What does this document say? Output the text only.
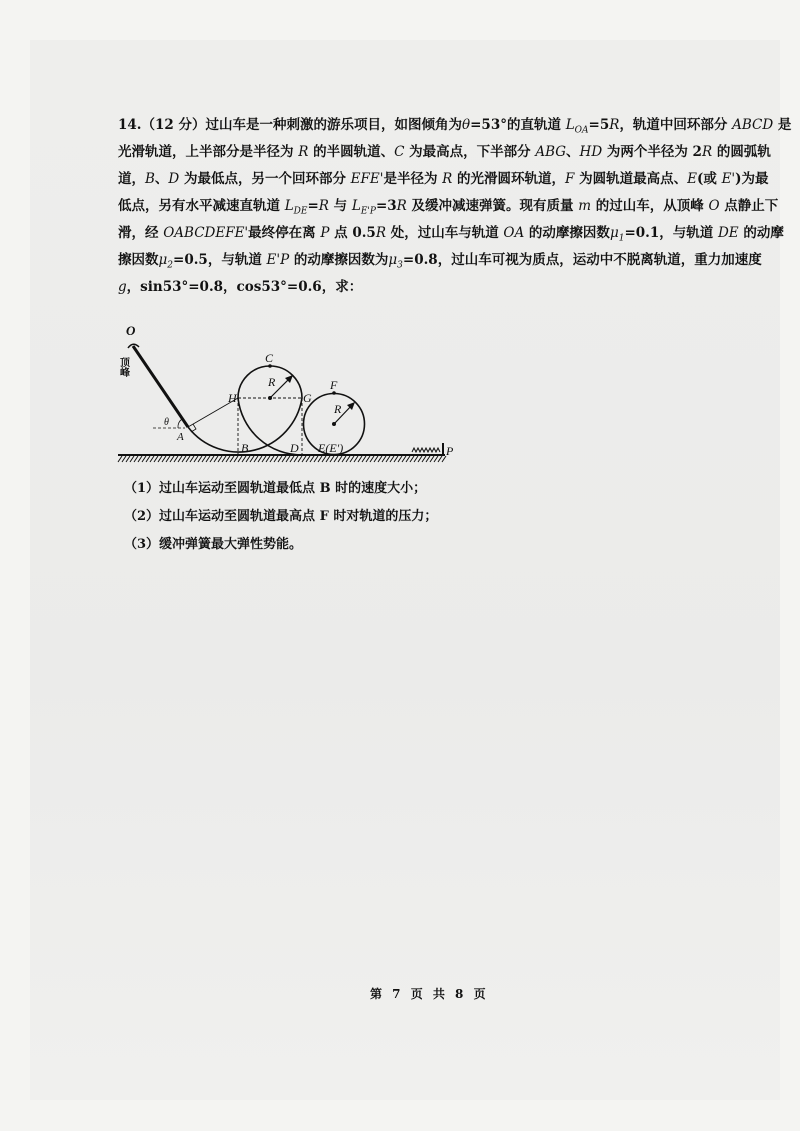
14.（12 分）过山车是一种刺激的游乐项目，如图倾角为θ=53°的直轨道 $L_{OA}=5R$，轨道中回环部分 ABCD 是
光滑轨道，上半部分是半径为 R 的半圆轨道、C 为最高点，下半部分 ABG、HD 为两个半径为 2R 的圆弧轨
道，B、D 为最低点，另一个回环部分 EFE'是半径为 R 的光滑圆环轨道，F 为圆轨道最高点、E(或 E')为最
低点，另有水平减速直轨道 $L_{DE}=R$ 与 $L_{E'P}=3R$ 及缓冲减速弹簧。现有质量 m 的过山车，从顶峰 O 点静止下
滑，经 OABCDEFE'最终停在离 P 点 0.5R 处，过山车与轨道 OA 的动摩擦因数$\mu_1=0.1$，与轨道 DE 的动摩
擦因数$\mu_2=0.5$，与轨道 E'P 的动摩擦因数为$\mu_3=0.8$，过山车可视为质点，运动中不脱离轨道，重力加速度
g，sin53°=0.8，cos53°=0.6，求：
O
θ
A
B
C
H	G
D
F
E(E')	P
R
R
顶峰
（1）过山车运动至圆轨道最低点 B 时的速度大小；
（2）过山车运动至圆轨道最高点 F 时对轨道的压力；
（3）缓冲弹簧最大弹性势能。
第 7 页 共 8 页
